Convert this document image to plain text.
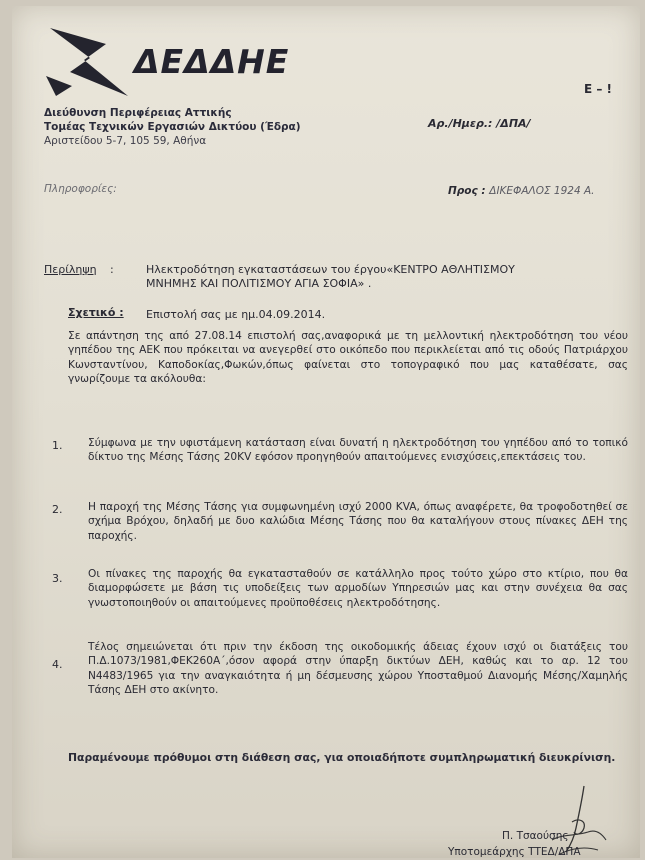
ΔΕΔΔΗΕ
Ε – !
Διεύθυνση Περιφέρειας Αττικής
Τομέας Τεχνικών Εργασιών Δικτύου (Έδρα)
Αριστείδου 5-7, 105 59, Αθήνα
Αρ./Ημερ.: /ΔΠΑ/
Πληροφορίες:	Προς : ΔΙΚΕΦΑΛΟΣ 1924 Α.
Περίληψη :	Ηλεκτροδότηση εγκαταστάσεων του έργου«ΚΕΝΤΡΟ ΑΘΛΗΤΙΣΜΟΥ
ΜΝΗΜΗΣ ΚΑΙ ΠΟΛΙΤΙΣΜΟΥ ΑΓΙΑ ΣΟΦΙΑ» .
Σχετικό : Επιστολή σας με ημ.04.09.2014.
Σε απάντηση της από 27.08.14 επιστολή σας,αναφορικά με τη μελλοντική ηλεκτροδότηση του νέου γηπέδου της ΑΕΚ που πρόκειται να ανεγερθεί στο οικόπεδο που περικλείεται από τις οδούς Πατριάρχου Κωνσταντίνου, Καποδοκίας,Φωκών,όπως φαίνεται στο τοπογραφικό που μας καταθέσατε, σας γνωρίζουμε τα ακόλουθα:
1. Σύμφωνα με την υφιστάμενη κατάσταση είναι δυνατή η ηλεκτροδότηση του γηπέδου από το τοπικό δίκτυο της Μέσης Τάσης 20KV εφόσον προηγηθούν απαιτούμενες ενισχύσεις,επεκτάσεις του.
2. Η παροχή της Μέσης Τάσης για συμφωνημένη ισχύ 2000 KVA, όπως αναφέρετε, θα τροφοδοτηθεί σε σχήμα Βρόχου, δηλαδή με δυο καλώδια Μέσης Τάσης που θα καταλήγουν στους πίνακες ΔΕΗ της παροχής.
3. Οι πίνακες της παροχής θα εγκατασταθούν σε κατάλληλο προς τούτο χώρο στο κτίριο, που θα διαμορφώσετε με βάση τις υποδείξεις των αρμοδίων Υπηρεσιών μας και στην συνέχεια θα σας γνωστοποιηθούν οι απαιτούμενες προϋποθέσεις ηλεκτροδότησης.
4.
Τέλος σημειώνεται ότι πριν την έκδοση της οικοδομικής άδειας έχουν ισχύ οι διατάξεις του Π.Δ.1073/1981,ΦΕΚ260Α΄,όσον αφορά στην ύπαρξη δικτύων ΔΕΗ, καθώς και το αρ. 12 του Ν4483/1965 για την αναγκαιότητα ή μη δέσμευσης χώρου Υποσταθμού Διανομής Μέσης/Χαμηλής Τάσης ΔΕΗ στο ακίνητο.
Παραμένουμε πρόθυμοι στη διάθεση σας, για οποιαδήποτε συμπληρωματική διευκρίνιση.
Π. Τσαούσης
Υποτομεάρχης ΤΤΕΔ/ΔΠΑ
